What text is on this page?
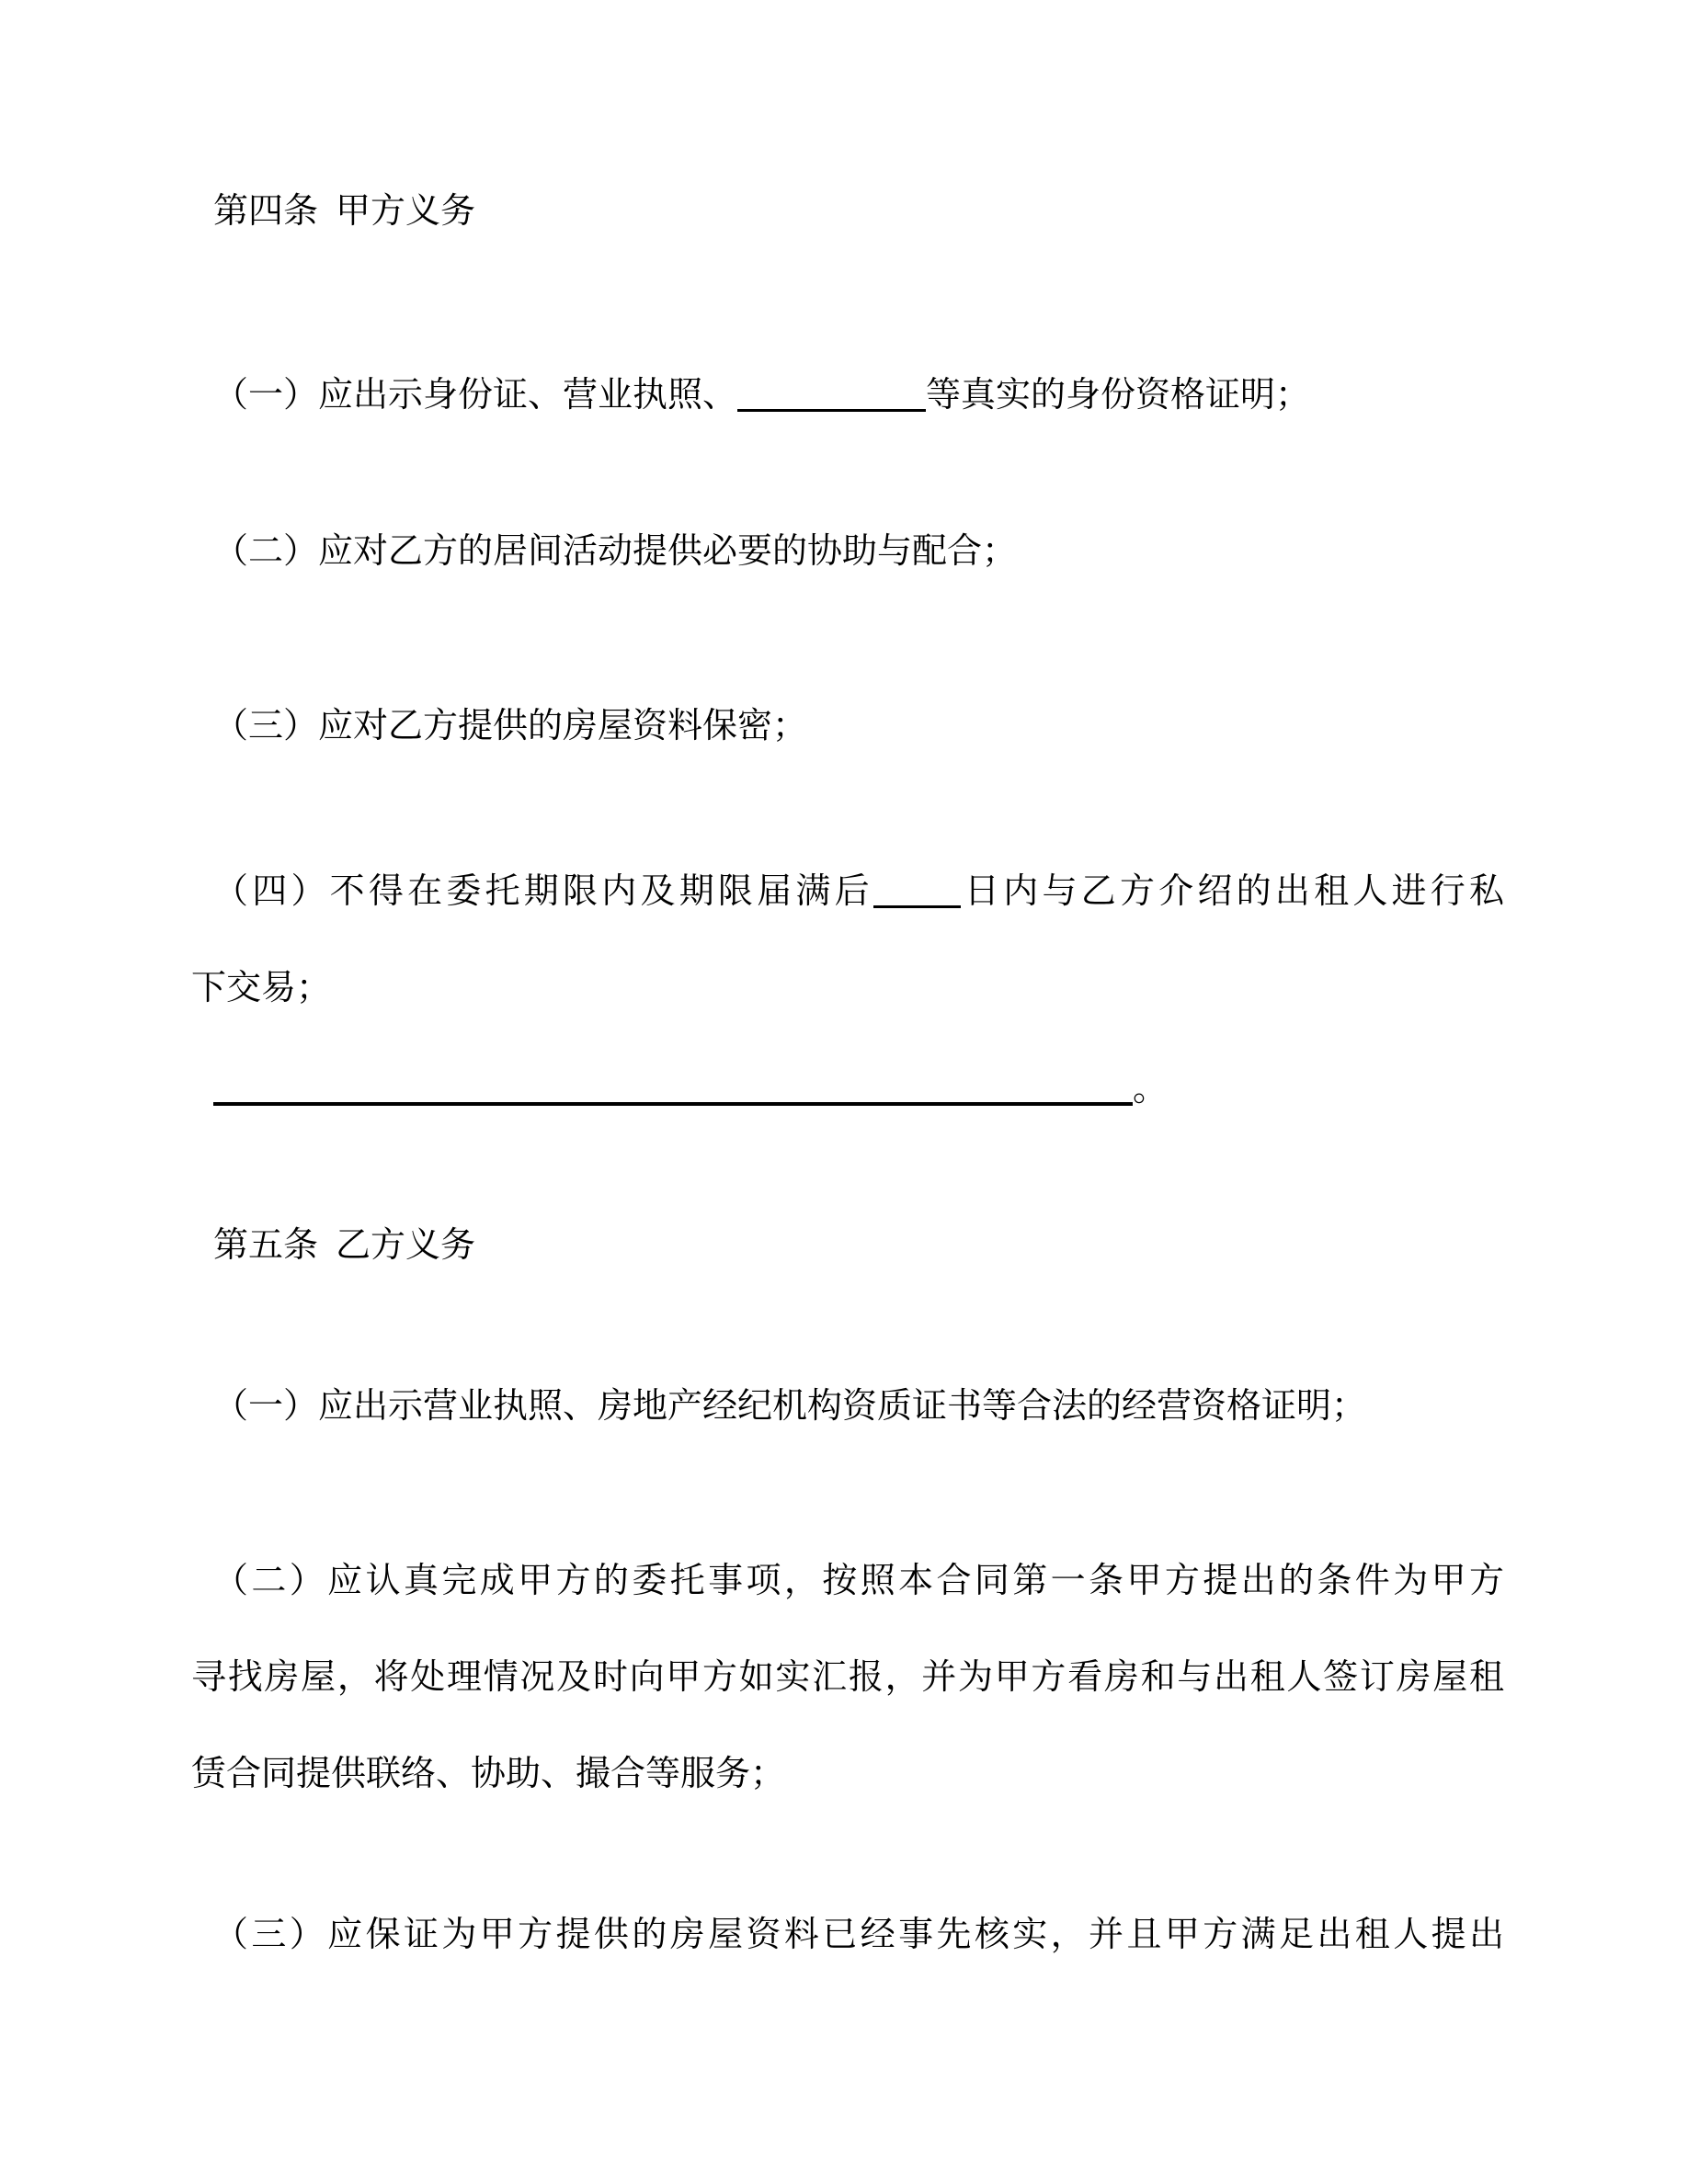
第四条 甲方义务

（一）应出示身份证、营业执照、	等真实的身份资格证明；

（二）应对乙方的居间活动提供必要的协助与配合；

（三）应对乙方提供的房屋资料保密；

（四）不得在委托期限内及期限届满后	日内与乙方介绍的出租人进行私
下交易；

。

第五条 乙方义务

（一）应出示营业执照、房地产经纪机构资质证书等合法的经营资格证明；

（二）应认真完成甲方的委托事项，按照本合同第一条甲方提出的条件为甲方
寻找房屋，将处理情况及时向甲方如实汇报，并为甲方看房和与出租人签订房屋租
赁合同提供联络、协助、撮合等服务；

（三）应保证为甲方提供的房屋资料已经事先核实，并且甲方满足出租人提出
